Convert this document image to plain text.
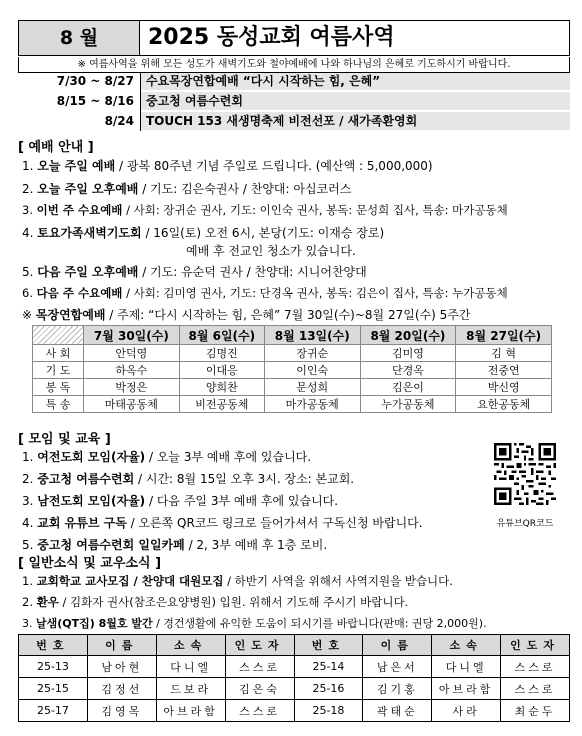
8 월	2025 동성교회 여름사역
※ 여름사역을 위해 모든 성도가 새벽기도와 철야예배에 나와 하나님의 은혜로 기도하시기 바랍니다.
7/30 ~ 8/27	수요목장연합예배 “다시 시작하는 힘, 은혜”
8/15 ~ 8/16	중고청 여름수련회
8/24	TOUCH 153 새생명축제 비전선포 / 새가족환영회
[ 예배 안내 ]
1. 오늘 주일 예배 / 광복 80주년 기념 주일로 드립니다. (예산액 : 5,000,000)
2. 오늘 주일 오후예배 / 기도: 김은숙권사 / 찬양대: 아십코러스
3. 이번 주 수요예배 / 사회: 장귀순 권사, 기도: 이인숙 권사, 봉독: 문성희 집사, 특송: 마가공동체
4. 토요가족새벽기도회 / 16일(토) 오전 6시, 본당(기도: 이재승 장로)
예배 후 전교인 청소가 있습니다.
5. 다음 주일 오후예배 / 기도: 유순덕 권사 / 찬양대: 시니어찬양대
6. 다음 주 수요예배 / 사회: 김미영 권사, 기도: 단경옥 권사, 봉독: 김은이 집사, 특송: 누가공동체
※ 목장연합예배 / 주제: “다시 시작하는 힘, 은혜” 7월 30일(수)~8월 27일(수) 5주간
	7월 30일(수)	8월 6일(수)	8월 13일(수)	8월 20일(수)	8월 27일(수)
사 회	안덕영	김명진	장귀순	김미영	김 혁
기 도	하옥수	이대응	이인숙	단경옥	전중연
봉 독	박정은	양희찬	문성희	김은이	박신영
특 송	마태공동체	비전공동체	마가공동체	누가공동체	요한공동체
[ 모임 및 교육 ]
1. 여전도회 모임(자율) / 오늘 3부 예배 후에 있습니다.
2. 중고청 여름수련회 / 시간: 8월 15일 오후 3시. 장소: 본교회.
3. 남전도회 모임(자율) / 다음 주일 3부 예배 후에 있습니다.
4. 교회 유튜브 구독 / 오른쪽 QR코드 링크로 들어가셔서 구독신청 바랍니다.
5. 중고청 여름수련회 일일카페 / 2, 3부 예배 후 1층 로비.
유튜브QR코드
[ 일반소식 및 교우소식 ]
1. 교회학교 교사모집 / 찬양대 대원모집 / 하반기 사역을 위해서 사역지원을 받습니다.
2. 환우 / 김화자 권사(참조은요양병원) 입원. 위해서 기도해 주시기 바랍니다.
3. 날샘(QT집) 8월호 발간 / 경건생활에 유익한 도움이 되시기를 바랍니다(판매: 권당 2,000원).
번호	이름	소속	인도자	번호	이름	소속	인도자
25-13	남아현	다니엘	스스로	25-14	남은서	다니엘	스스로
25-15	김정선	드보라	김은숙	25-16	김기홍	아브라함	스스로
25-17	김영목	아브라함	스스로	25-18	곽태순	사라	최순두
